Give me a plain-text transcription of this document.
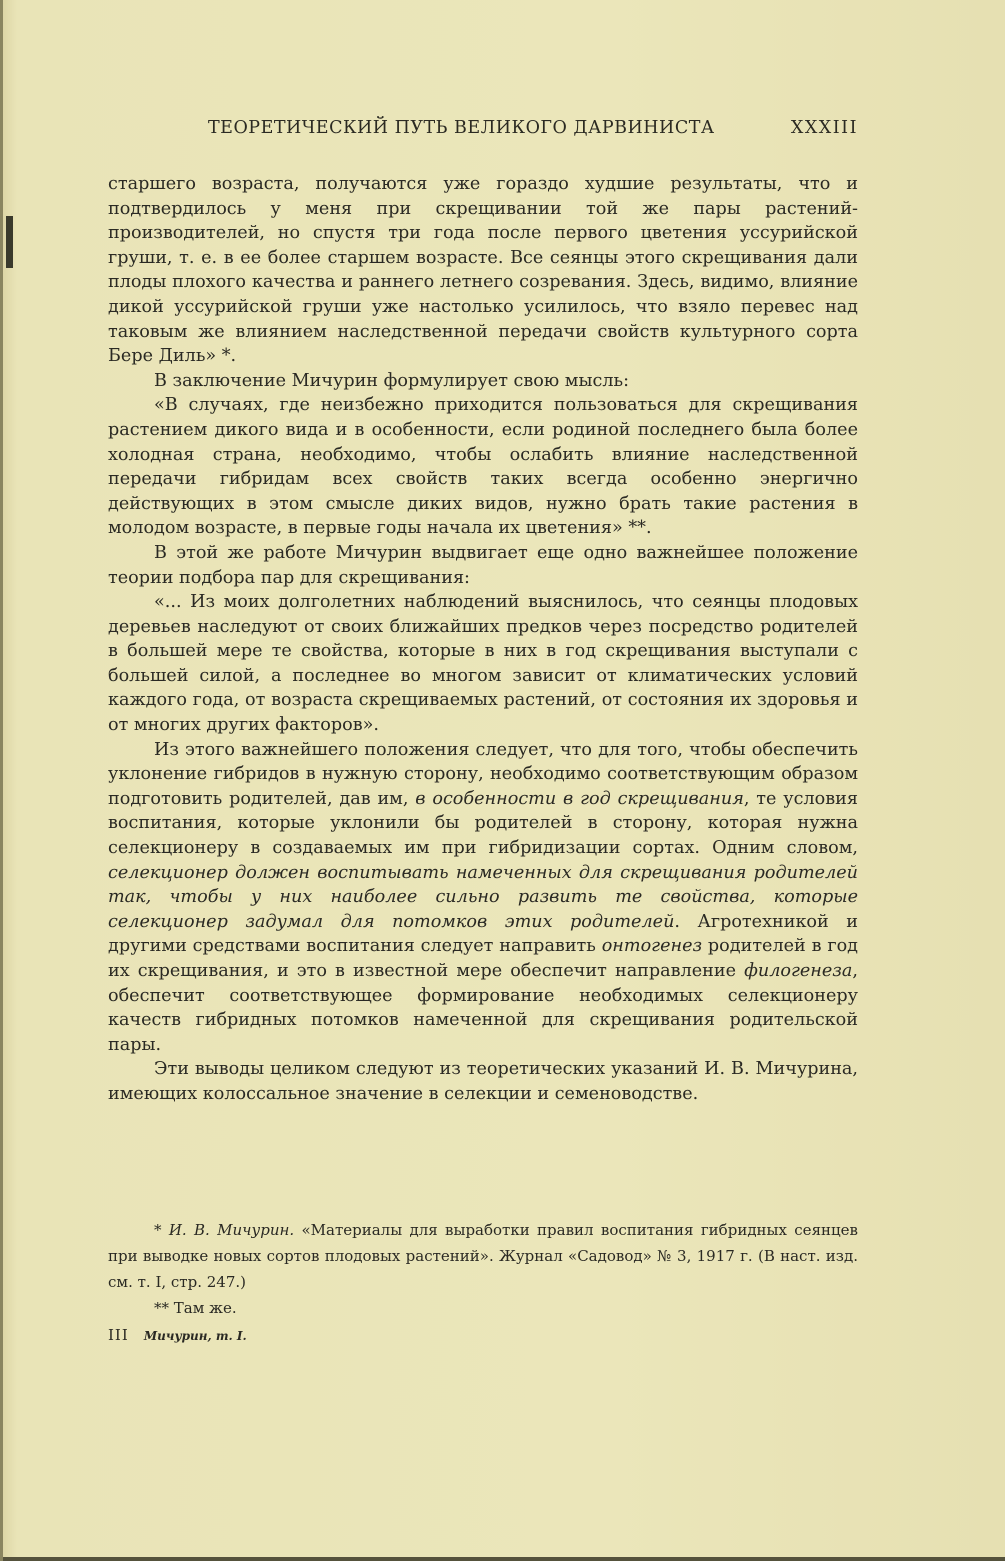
ТЕОРЕТИЧЕСКИЙ ПУТЬ ВЕЛИКОГО ДАРВИНИСТА	XXXIII

старшего возраста, получаются уже гораздо худшие результаты, что и подтвердилось у меня при скрещивании той же пары растений-производителей, но спустя три года после первого цветения уссурийской груши, т. е. в ее более старшем возрасте. Все сеянцы этого скрещивания дали плоды плохого качества и раннего летнего созревания. Здесь, видимо, влияние дикой уссурийской груши уже настолько усилилось, что взяло перевес над таковым же влиянием наследственной передачи свойств культурного сорта Бере Диль» *.

В заключение Мичурин формулирует свою мысль:

«В случаях, где неизбежно приходится пользоваться для скрещивания растением дикого вида и в особенности, если родиной последнего была более холодная страна, необходимо, чтобы ослабить влияние наследственной передачи гибридам всех свойств таких всегда особенно энергично действующих в этом смысле диких видов, нужно брать такие растения в молодом возрасте, в первые годы начала их цветения» **.

В этой же работе Мичурин выдвигает еще одно важнейшее положение теории подбора пар для скрещивания:

«... Из моих долголетних наблюдений выяснилось, что сеянцы плодовых деревьев наследуют от своих ближайших предков через посредство родителей в большей мере те свойства, которые в них в год скрещивания выступали с большей силой, а последнее во многом зависит от климатических условий каждого года, от возраста скрещиваемых растений, от состояния их здоровья и от многих других факторов».

Из этого важнейшего положения следует, что для того, чтобы обеспечить уклонение гибридов в нужную сторону, необходимо соответствующим образом подготовить родителей, дав им, в особенности в год скрещивания, те условия воспитания, которые уклонили бы родителей в сторону, которая нужна селекционеру в создаваемых им при гибридизации сортах. Одним словом, селекционер должен воспитывать намеченных для скрещивания родителей так, чтобы у них наиболее сильно развить те свойства, которые селекционер задумал для потомков этих родителей. Агротехникой и другими средствами воспитания следует направить онтогенез родителей в год их скрещивания, и это в известной мере обеспечит направление филогенеза, обеспечит соответствующее формирование необходимых селекционеру качеств гибридных потомков намеченной для скрещивания родительской пары.

Эти выводы целиком следуют из теоретических указаний И. В. Мичурина, имеющих колоссальное значение в селекции и семеноводстве.

* И. В. Мичурин. «Материалы для выработки правил воспитания гибридных сеянцев при выводке новых сортов плодовых растений». Журнал «Садовод» № 3, 1917 г. (В наст. изд. см. т. I, стр. 247.)

** Там же.

III Мичурин, т. I.
